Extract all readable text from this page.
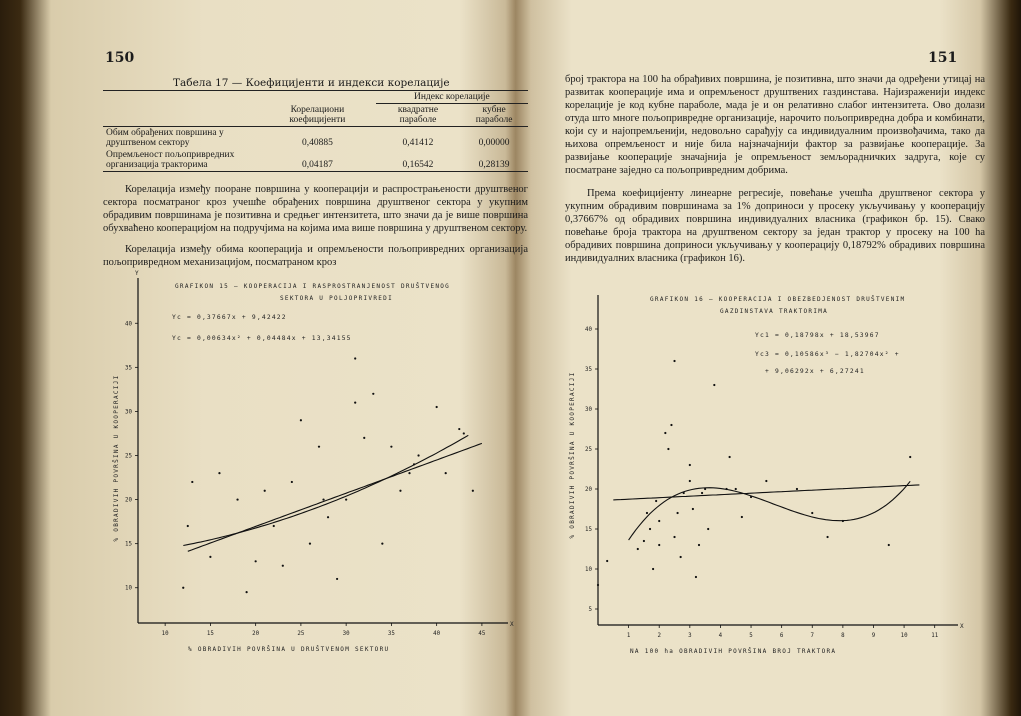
150
Табела 17 — Коефицијенти и индекси корелације
		Индекс корелације	
	Корелациони коефицијенти	квадратне параболе	кубне параболе
Обим обрађених површина у друштвеном сектору	0,40885	0,41412	0,00000
Опремљеност пољопривредних организација тракторима	0,04187	0,16542	0,28139
Корелација између пооране површина у кооперацији и распрострањености друштвеног сектора посматраног кроз учешће обрађених површина друштвеног сектора у укупним обрадивим површинама је позитивна и средњег интензитета, што значи да је више површина обухваћено кооперацијом на подручјима на којима има више површина у друштвеном сектору.
Корелација између обима кооперација и опремљености пољопривредних организација пољопривредном механизацијом, посматраном кроз
X
Y
10	15	20	25	30	35	40	45
10
15
20
25
30
35
40
GRAFIKON 15 — KOOPERACIJA I RASPROSTRANJENOST DRUŠTVENOG
SEKTORA U POLJOPRIVREDI
Yc = 0,37667x + 9,42422
Yc = 0,00634x² + 0,04484x + 13,34155
% OBRADIVIH POVRŠINA U DRUŠTVENOM SEKTORU
% OBRADIVIH POVRŠINA U KOOPERACIJI
151
број трактора на 100 ha обрађивих површина, је позитивна, што значи да одређени утицај на развитак кооперације има и опремљеност друштвених газдинстава. Најизраженији индекс корелације је код кубне параболе, мада је и он релативно слабог интензитета. Ово долази отуда што многе пољопривредне организације, нарочито пољопривредна добра и комбинати, који су и најопремљенији, недовољно сарађују са индивидуалним произвођачима, тако да њихова опремљеност и није била најзначајнији фактор за развијање кооперације. За развијање кооперације значајнија је опремљеност земљорадничких задруга, које су посматране заједно са пољопривредним добрима.
Према коефицијенту линеарне регресије, повећање учешћа друштвеног сектора у укупним обрадивим површинама за 1% доприноси у просеку укључивању у кооперацију 0,37667% од обрадивих површина индивидуалних власника (графикон бр. 15). Свако повећање броја трактора на друштвеном сектору за један трактор у просеку на 100 ha обрадивих површина доприноси укључивању у кооперацију 0,18792% обрадивих површина индивидуалних власника (графикон 16).
X
1	2	3	4	5	6	7	8	9	10	11
5
10
15
20
25
30
35
40
GRAFIKON 16 — KOOPERACIJA I OBEZBEDJENOST DRUŠTVENIM
GAZDINSTAVA TRAKTORIMA
Yc1 = 0,18798x + 18,53967
Yc3 = 0,10586x³ − 1,82704x² +
+ 9,06292x + 6,27241
NA 100 ha OBRADIVIH POVRŠINA BROJ TRAKTORA
% OBRADIVIH POVRŠINA U KOOPERACIJI
